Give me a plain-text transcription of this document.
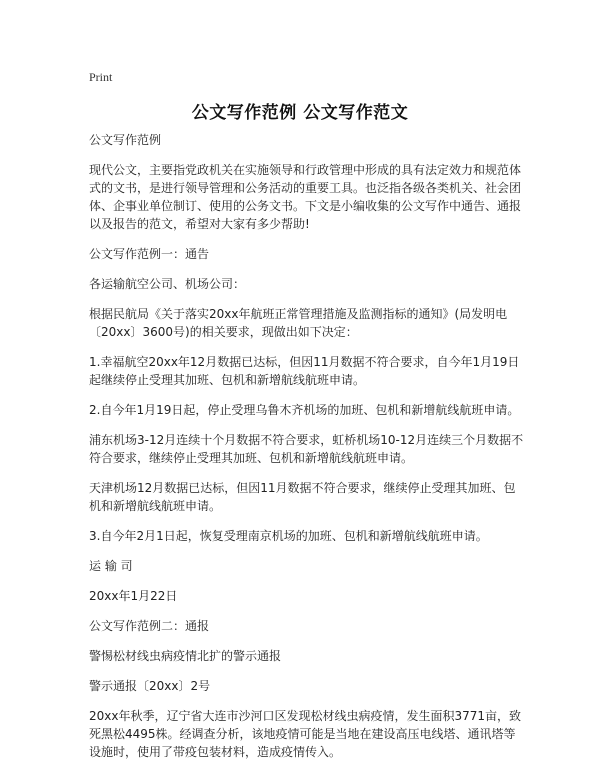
Print
公文写作范例 公文写作范文

公文写作范例

现代公文，主要指党政机关在实施领导和行政管理中形成的具有法定效力和规范体式的文书，是进行领导管理和公务活动的重要工具。也泛指各级各类机关、社会团体、企事业单位制订、使用的公务文书。下文是小编收集的公文写作中通告、通报以及报告的范文，希望对大家有多少帮助!

公文写作范例一：通告

各运输航空公司、机场公司：

根据民航局《关于落实20xx年航班正常管理措施及监测指标的通知》(局发明电〔20xx〕3600号)的相关要求，现做出如下决定：

1.幸福航空20xx年12月数据已达标，但因11月数据不符合要求，自今年1月19日起继续停止受理其加班、包机和新增航线航班申请。

2.自今年1月19日起，停止受理乌鲁木齐机场的加班、包机和新增航线航班申请。

浦东机场3-12月连续十个月数据不符合要求，虹桥机场10-12月连续三个月数据不符合要求，继续停止受理其加班、包机和新增航线航班申请。

天津机场12月数据已达标，但因11月数据不符合要求，继续停止受理其加班、包机和新增航线航班申请。

3.自今年2月1日起，恢复受理南京机场的加班、包机和新增航线航班申请。

运 输 司

20xx年1月22日

公文写作范例二：通报

警惕松材线虫病疫情北扩的警示通报

警示通报〔20xx〕2号

20xx年秋季，辽宁省大连市沙河口区发现松材线虫病疫情，发生面积3771亩，致死黑松4495株。经调查分析，该地疫情可能是当地在建设高压电线塔、通讯塔等设施时，使用了带疫包装材料，造成疫情传入。
